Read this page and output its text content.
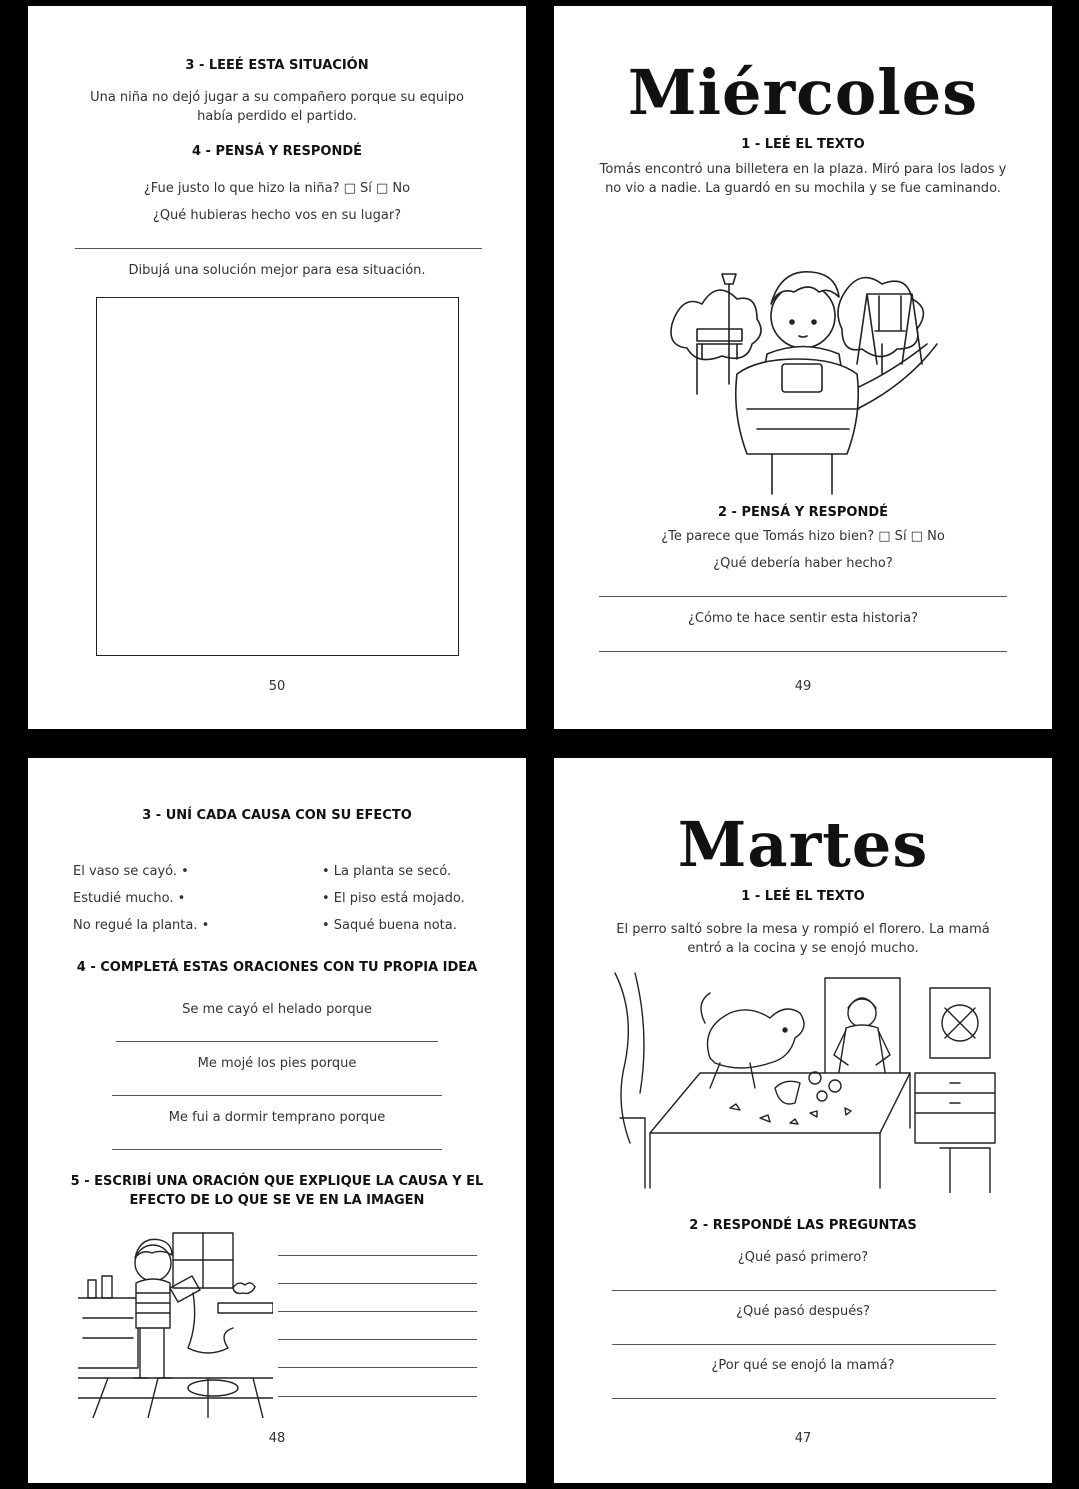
3 - LEEÉ ESTA SITUACIÓN
Una niña no dejó jugar a su compañero porque su equipo había perdido el partido.
4 - PENSÁ Y RESPONDÉ
¿Fue justo lo que hizo la niña? □ Sí □ No
¿Qué hubieras hecho vos en su lugar?
Dibujá una solución mejor para esa situación.
50
Miércoles
1 - LEÉ EL TEXTO
Tomás encontró una billetera en la plaza. Miró para los lados y no vio a nadie. La guardó en su mochila y se fue caminando.
2 - PENSÁ Y RESPONDÉ
¿Te parece que Tomás hizo bien? □ Sí □ No
¿Qué debería haber hecho?
¿Cómo te hace sentir esta historia?
49
3 - UNÍ CADA CAUSA CON SU EFECTO
El vaso se cayó. •
Estudié mucho. •
No regué la planta. •
• La planta se secó.
• El piso está mojado.
• Saqué buena nota.
4 - COMPLETÁ ESTAS ORACIONES CON TU PROPIA IDEA
Se me cayó el helado porque
Me mojé los pies porque
Me fui a dormir temprano porque
5 - ESCRIBÍ UNA ORACIÓN QUE EXPLIQUE LA CAUSA Y EL EFECTO DE LO QUE SE VE EN LA IMAGEN
48
Martes
1 - LEÉ EL TEXTO
El perro saltó sobre la mesa y rompió el florero. La mamá entró a la cocina y se enojó mucho.
2 - RESPONDÉ LAS PREGUNTAS
¿Qué pasó primero?
¿Qué pasó después?
¿Por qué se enojó la mamá?
47
